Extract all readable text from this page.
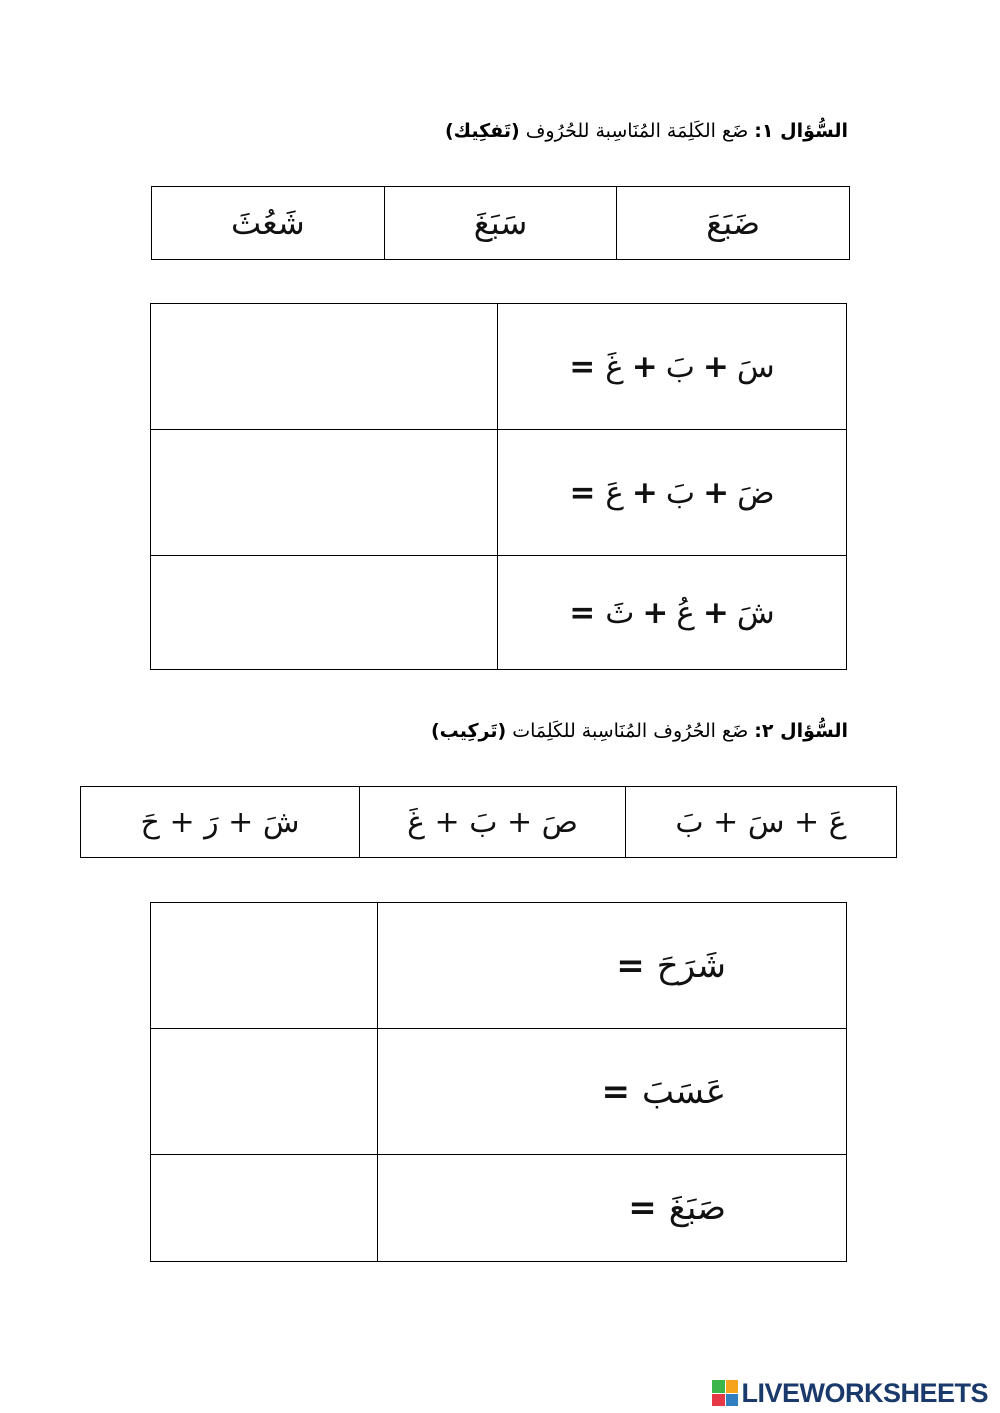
السُّؤال ١: ضَع الكَلِمَة المُنَاسِبة للحُرُوف (تَفكِيك)
ضَبَعَ	سَبَغَ	شَعُثَ
سَ+بَ+غَ=	
ضَ+بَ+عَ=	
شَ+عُ+ثَ=	
السُّؤال ٢: ضَع الحُرُوف المُنَاسِبة للكَلِمَات (تَركِيب)
عَ + سَ + بَ	صَ + بَ + غَ	شَ + رَ + حَ
شَرَحَ=	
عَسَبَ=	
صَبَغَ=	
LIVEWORKSHEETS
